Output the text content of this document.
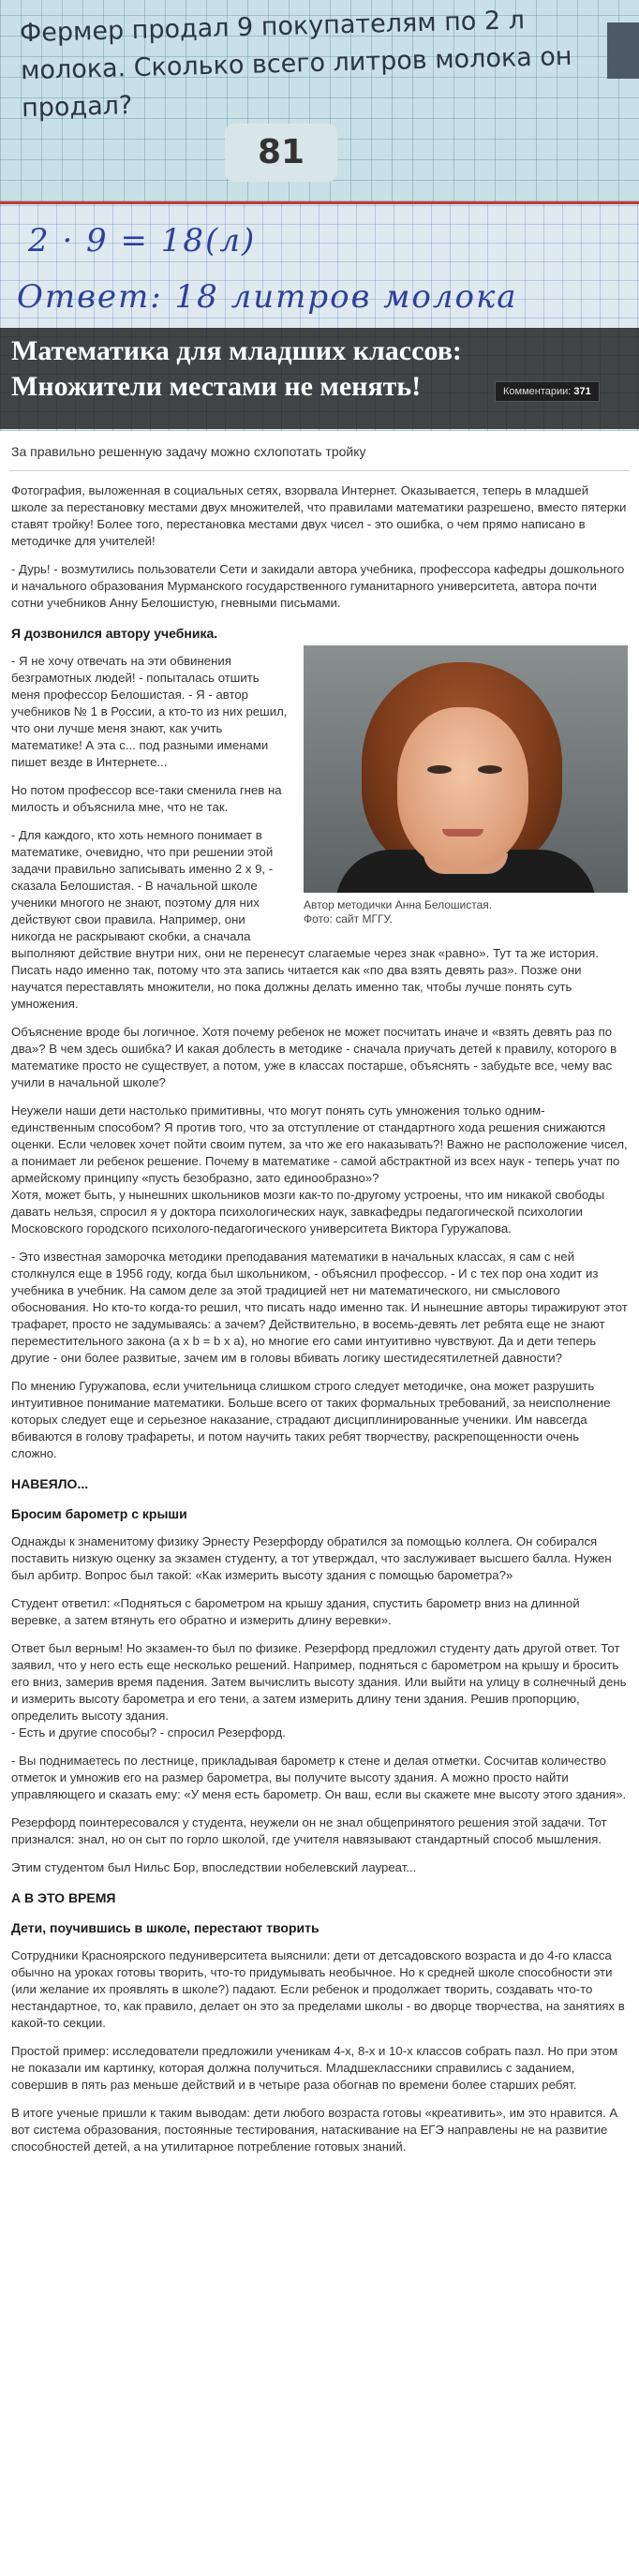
Фермер продал 9 покупателям по 2 л молока. Сколько всего литров молока он продал?
81
2 · 9 = 18(л)
Ответ: 18 литров молока
Математика для младших классов: Множители местами не менять!	Комментарии: 371
За правильно решенную задачу можно схлопотать тройку

Фотография, выложенная в социальных сетях, взорвала Интернет. Оказывается, теперь в младшей школе за перестановку местами двух множителей, что правилами математики разрешено, вместо пятерки ставят тройку! Более того, перестановка местами двух чисел - это ошибка, о чем прямо написано в методичке для учителей!

- Дурь! - возмутились пользователи Сети и закидали автора учебника, профессора кафедры дошкольного и начального образования Мурманского государственного гуманитарного университета, автора почти сотни учебников Анну Белошистую, гневными письмами.

Я дозвонился автору учебника.
Автор методички Анна Белошистая.
Фото: сайт МГГУ.

- Я не хочу отвечать на эти обвинения безграмотных людей! - попыталась отшить меня профессор Белошистая. - Я - автор учебников № 1 в России, а кто-то из них решил, что они лучше меня знают, как учить математике! А эта с... под разными именами пишет везде в Интернете...

Но потом профессор все-таки сменила гнев на милость и объяснила мне, что не так.

- Для каждого, кто хоть немного понимает в математике, очевидно, что при решении этой задачи правильно записывать именно 2 х 9, - сказала Белошистая. - В начальной школе ученики многого не знают, поэтому для них действуют свои правила. Например, они никогда не раскрывают скобки, а сначала выполняют действие внутри них, они не перенесут слагаемые через знак «равно». Тут та же история. Писать надо именно так, потому что эта запись читается как «по два взять девять раз». Позже они научатся переставлять множители, но пока должны делать именно так, чтобы лучше понять суть умножения.

Объяснение вроде бы логичное. Хотя почему ребенок не может посчитать иначе и «взять девять раз по два»? В чем здесь ошибка? И какая доблесть в методике - сначала приучать детей к правилу, которого в математике просто не существует, а потом, уже в классах постарше, объяснять - забудьте все, чему вас учили в начальной школе?

Неужели наши дети настолько примитивны, что могут понять суть умножения только одним-единственным способом? Я против того, что за отступление от стандартного хода решения снижаются оценки. Если человек хочет пойти своим путем, за что же его наказывать?! Важно не расположение чисел, а понимает ли ребенок решение. Почему в математике - самой абстрактной из всех наук - теперь учат по армейскому принципу «пусть безобразно, зато единообразно»?

Хотя, может быть, у нынешних школьников мозги как-то по-другому устроены, что им никакой свободы давать нельзя, спросил я у доктора психологических наук, завкафедры педагогической психологии Московского городского психолого-педагогического университета Виктора Гуружапова.

- Это известная заморочка методики преподавания математики в начальных классах, я сам с ней столкнулся еще в 1956 году, когда был школьником, - объяснил профессор. - И с тех пор она ходит из учебника в учебник. На самом деле за этой традицией нет ни математического, ни смыслового обоснования. Но кто-то когда-то решил, что писать надо именно так. И нынешние авторы тиражируют этот трафарет, просто не задумываясь: а зачем? Действительно, в восемь-девять лет ребята еще не знают переместительного закона (a х b = b х a), но многие его сами интуитивно чувствуют. Да и дети теперь другие - они более развитые, зачем им в головы вбивать логику шестидесятилетней давности?

По мнению Гуружапова, если учительница слишком строго следует методичке, она может разрушить интуитивное понимание математики. Больше всего от таких формальных требований, за неисполнение которых следует еще и серьезное наказание, страдают дисциплинированные ученики. Им навсегда вбиваются в голову трафареты, и потом научить таких ребят творчеству, раскрепощенности очень сложно.

НАВЕЯЛО...
Бросим барометр с крыши

Однажды к знаменитому физику Эрнесту Резерфорду обратился за помощью коллега. Он собирался поставить низкую оценку за экзамен студенту, а тот утверждал, что заслуживает высшего балла. Нужен был арбитр. Вопрос был такой: «Как измерить высоту здания с помощью барометра?»

Студент ответил: «Подняться с барометром на крышу здания, спустить барометр вниз на длинной веревке, а затем втянуть его обратно и измерить длину веревки».

Ответ был верным! Но экзамен-то был по физике. Резерфорд предложил студенту дать другой ответ. Тот заявил, что у него есть еще несколько решений. Например, подняться с барометром на крышу и бросить его вниз, замерив время падения. Затем вычислить высоту здания. Или выйти на улицу в солнечный день и измерить высоту барометра и его тени, а затем измерить длину тени здания. Решив пропорцию, определить высоту здания.

- Есть и другие способы? - спросил Резерфорд.

- Вы поднимаетесь по лестнице, прикладывая барометр к стене и делая отметки. Сосчитав количество отметок и умножив его на размер барометра, вы получите высоту здания. А можно просто найти управляющего и сказать ему: «У меня есть барометр. Он ваш, если вы скажете мне высоту этого здания».

Резерфорд поинтересовался у студента, неужели он не знал общепринятого решения этой задачи. Тот признался: знал, но он сыт по горло школой, где учителя навязывают стандартный способ мышления.

Этим студентом был Нильс Бор, впоследствии нобелевский лауреат...

А В ЭТО ВРЕМЯ
Дети, поучившись в школе, перестают творить

Сотрудники Красноярского педуниверситета выяснили: дети от детсадовского возраста и до 4-го класса обычно на уроках готовы творить, что-то придумывать необычное. Но к средней школе способности эти (или желание их проявлять в школе?) падают. Если ребенок и продолжает творить, создавать что-то нестандартное, то, как правило, делает он это за пределами школы - во дворце творчества, на занятиях в какой-то секции.

Простой пример: исследователи предложили ученикам 4-х, 8-х и 10-х классов собрать пазл. Но при этом не показали им картинку, которая должна получиться. Младшеклассники справились с заданием, совершив в пять раз меньше действий и в четыре раза обогнав по времени более старших ребят.

В итоге ученые пришли к таким выводам: дети любого возраста готовы «креативить», им это нравится. А вот система образования, постоянные тестирования, натаскивание на ЕГЭ направлены не на развитие способностей детей, а на утилитарное потребление готовых знаний.
